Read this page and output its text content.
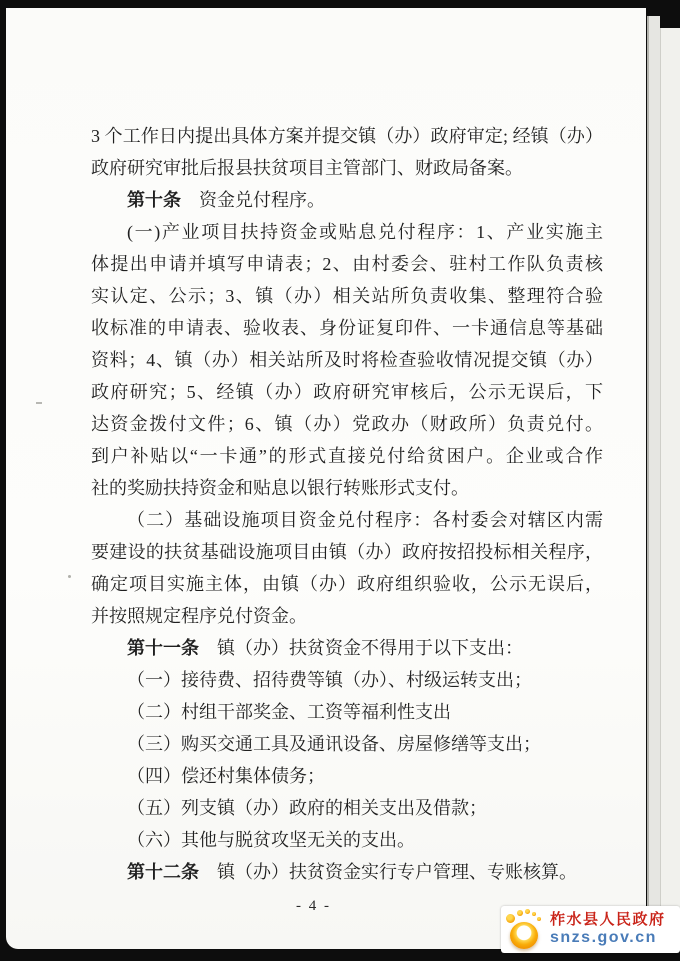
3 个工作日内提出具体方案并提交镇（办）政府审定; 经镇（办）
政府研究审批后报县扶贫项目主管部门、财政局备案。
第十条　资金兑付程序。
(一)产业项目扶持资金或贴息兑付程序：1、产业实施主
体提出申请并填写申请表；2、由村委会、驻村工作队负责核
实认定、公示；3、镇（办）相关站所负责收集、整理符合验
收标准的申请表、验收表、身份证复印件、一卡通信息等基础
资料；4、镇（办）相关站所及时将检查验收情况提交镇（办）
政府研究；5、经镇（办）政府研究审核后，公示无误后，下
达资金拨付文件；6、镇（办）党政办（财政所）负责兑付。
到户补贴以“一卡通”的形式直接兑付给贫困户。企业或合作
社的奖励扶持资金和贴息以银行转账形式支付。
（二）基础设施项目资金兑付程序：各村委会对辖区内需
要建设的扶贫基础设施项目由镇（办）政府按招投标相关程序，
确定项目实施主体，由镇（办）政府组织验收，公示无误后，
并按照规定程序兑付资金。
第十一条　镇（办）扶贫资金不得用于以下支出：
（一）接待费、招待费等镇（办）、村级运转支出；
（二）村组干部奖金、工资等福利性支出
（三）购买交通工具及通讯设备、房屋修缮等支出；
（四）偿还村集体债务；
（五）列支镇（办）政府的相关支出及借款；
（六）其他与脱贫攻坚无关的支出。
第十二条　镇（办）扶贫资金实行专户管理、专账核算。
- 4 -
柞水县人民政府
snzs.gov.cn
